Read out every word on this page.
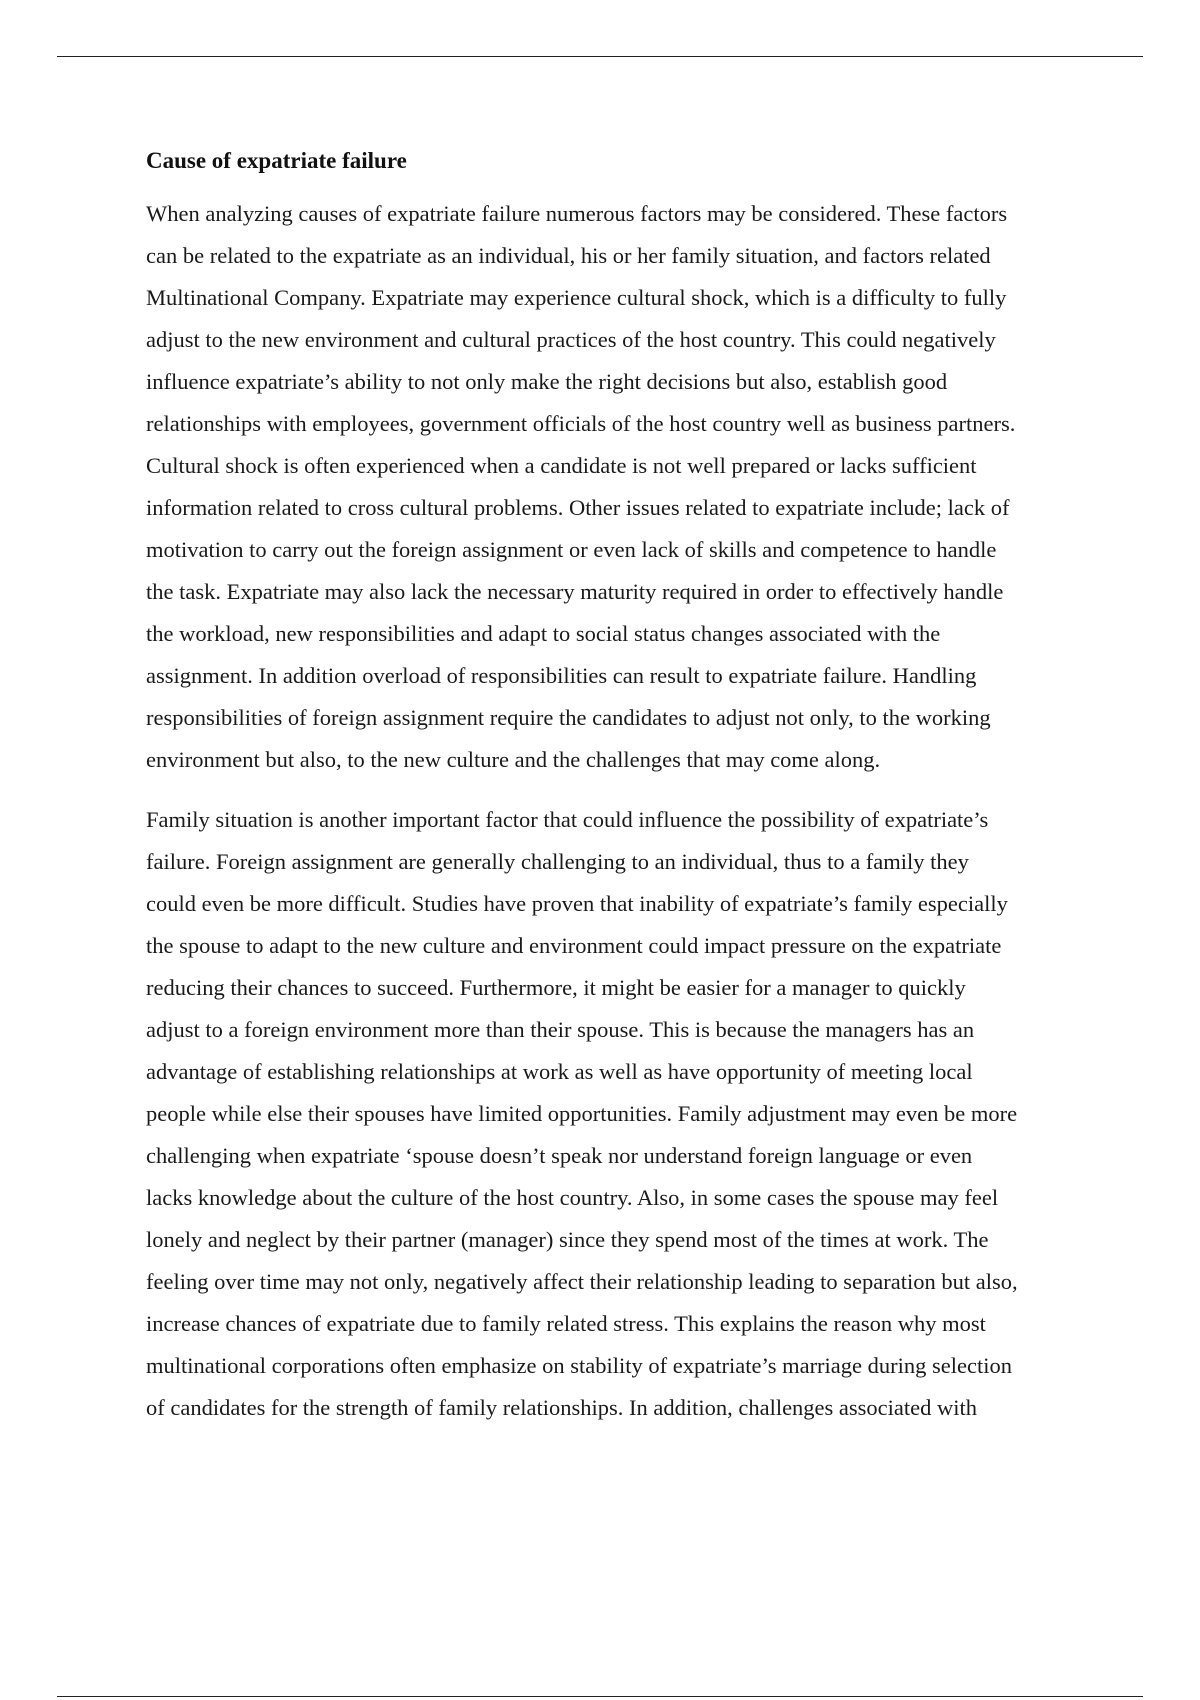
Cause of expatriate failure

When analyzing causes of expatriate failure numerous factors may be considered. These factors
can be related to the expatriate as an individual, his or her family situation, and factors related
Multinational Company. Expatriate may experience cultural shock, which is a difficulty to fully
adjust to the new environment and cultural practices of the host country. This could negatively
influence expatriate’s ability to not only make the right decisions but also, establish good
relationships with employees, government officials of the host country well as business partners.
Cultural shock is often experienced when a candidate is not well prepared or lacks sufficient
information related to cross cultural problems. Other issues related to expatriate include; lack of
motivation to carry out the foreign assignment or even lack of skills and competence to handle
the task. Expatriate may also lack the necessary maturity required in order to effectively handle
the workload, new responsibilities and adapt to social status changes associated with the
assignment. In addition overload of responsibilities can result to expatriate failure. Handling
responsibilities of foreign assignment require the candidates to adjust not only, to the working
environment but also, to the new culture and the challenges that may come along.

Family situation is another important factor that could influence the possibility of expatriate’s
failure. Foreign assignment are generally challenging to an individual, thus to a family they
could even be more difficult. Studies have proven that inability of expatriate’s family especially
the spouse to adapt to the new culture and environment could impact pressure on the expatriate
reducing their chances to succeed. Furthermore, it might be easier for a manager to quickly
adjust to a foreign environment more than their spouse. This is because the managers has an
advantage of establishing relationships at work as well as have opportunity of meeting local
people while else their spouses have limited opportunities. Family adjustment may even be more
challenging when expatriate ‘spouse doesn’t speak nor understand foreign language or even
lacks knowledge about the culture of the host country. Also, in some cases the spouse may feel
lonely and neglect by their partner (manager) since they spend most of the times at work. The
feeling over time may not only, negatively affect their relationship leading to separation but also,
increase chances of expatriate due to family related stress. This explains the reason why most
multinational corporations often emphasize on stability of expatriate’s marriage during selection
of candidates for the strength of family relationships. In addition, challenges associated with
